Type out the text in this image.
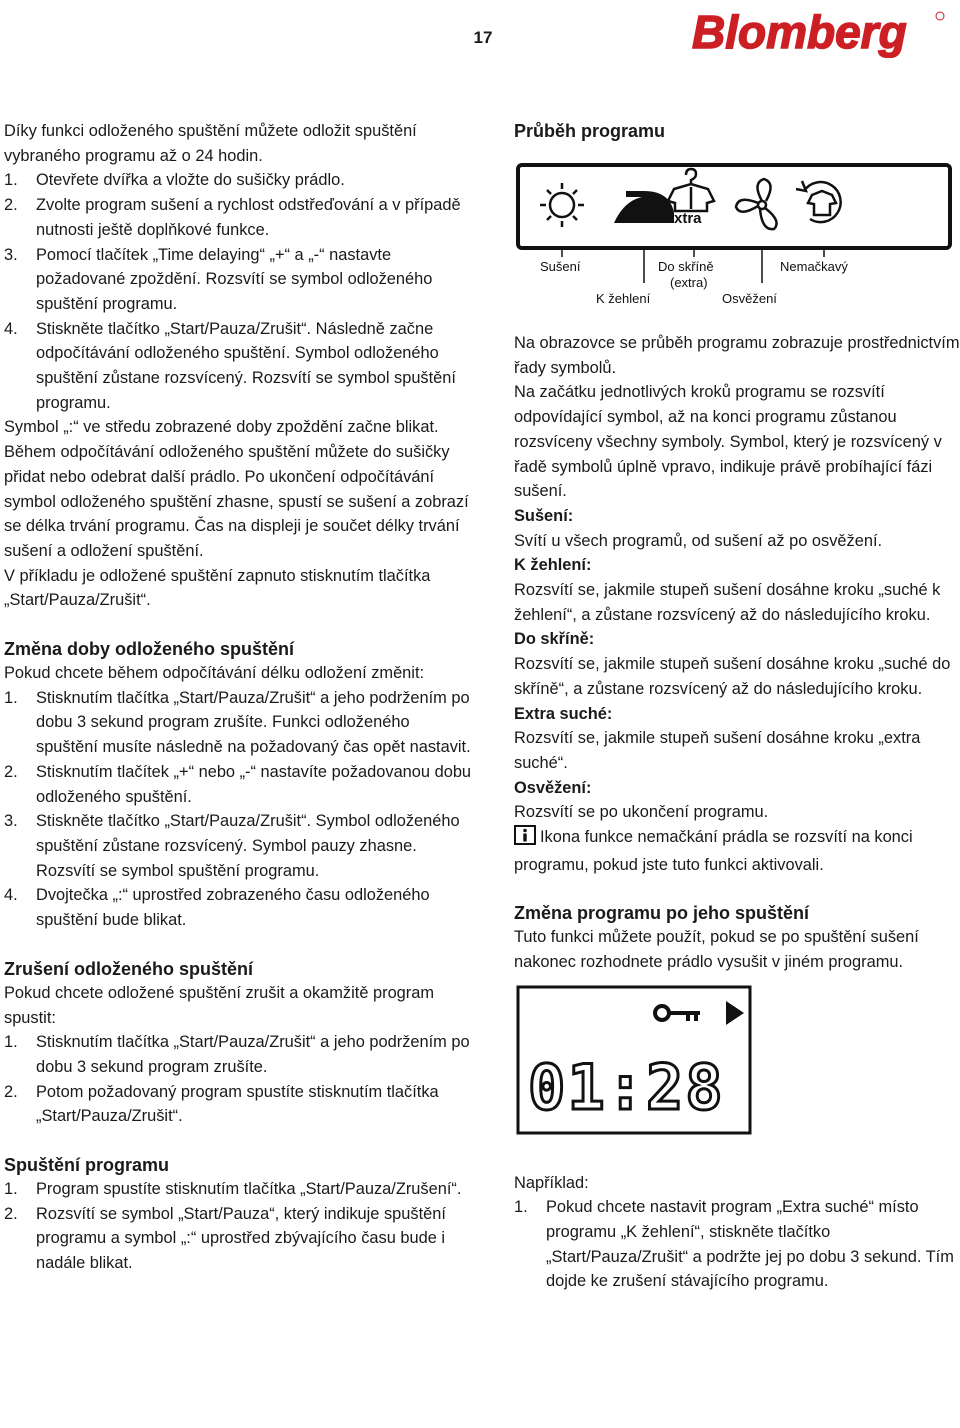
17	Blomberg

Díky funkci odloženého spuštění můžete odložit spuštění vybraného programu až o 24 hodin.

1.	Otevřete dvířka a vložte do sušičky prádlo.
2.	Zvolte program sušení a rychlost odstřeďování a v případě nutnosti ještě doplňkové funkce.
3.	Pomocí tlačítek „Time delaying“ „+“ a „-“ nastavte požadované zpoždění. Rozsvítí se symbol odloženého spuštění programu.
4.	Stiskněte tlačítko „Start/Pauza/Zrušit“. Následně začne odpočítávání odloženého spuštění. Symbol odloženého spuštění zůstane rozsvícený. Rozsvítí se symbol spuštění programu.

Symbol „:“ ve středu zobrazené doby zpoždění začne blikat.

Během odpočítávání odloženého spuštění můžete do sušičky přidat nebo odebrat další prádlo. Po ukončení odpočítávání symbol odloženého spuštění zhasne, spustí se sušení a zobrazí se délka trvání programu. Čas na displeji je součet délky trvání sušení a odložení spuštění.

V příkladu je odložené spuštění zapnuto stisknutím tlačítka „Start/Pauza/Zrušit“.

Změna doby odloženého spuštění

Pokud chcete během odpočítávání délku odložení změnit:

1.	Stisknutím tlačítka „Start/Pauza/Zrušit“ a jeho podržením po dobu 3 sekund program zrušíte. Funkci odloženého spuštění musíte následně na požadovaný čas opět nastavit.
2.	Stisknutím tlačítek „+“ nebo „-“ nastavíte požadovanou dobu odloženého spuštění.
3.	Stiskněte tlačítko „Start/Pauza/Zrušit“. Symbol odloženého spuštění zůstane rozsvícený. Symbol pauzy zhasne. Rozsvítí se symbol spuštění programu.
4.	Dvojtečka „:“ uprostřed zobrazeného času odloženého spuštění bude blikat.
Zrušení odloženého spuštění

Pokud chcete odložené spuštění zrušit a okamžitě program spustit:

1.	Stisknutím tlačítka „Start/Pauza/Zrušit“ a jeho podržením po dobu 3 sekund program zrušíte.
2.	Potom požadovaný program spustíte stisknutím tlačítka „Start/Pauza/Zrušit“.
Spuštění programu
1.	Program spustíte stisknutím tlačítka „Start/Pauza/Zrušení“.
2.	Rozsvítí se symbol „Start/Pauza“, který indikuje spuštění programu a symbol „:“ uprostřed zbývajícího času bude i nadále blikat.
Průběh programu
Extra
Sušení	Do skříně
(extra)
Nemačkavý
K žehlení	Osvěžení

Na obrazovce se průběh programu zobrazuje prostřednictvím řady symbolů.

Na začátku jednotlivých kroků programu se rozsvítí odpovídající symbol, až na konci programu zůstanou rozsvíceny všechny symboly. Symbol, který je rozsvícený v řadě symbolů úplně vpravo, indikuje právě probíhající fázi sušení.

Sušení:

Svítí u všech programů, od sušení až po osvěžení.

K žehlení:

Rozsvítí se, jakmile stupeň sušení dosáhne kroku „suché k žehlení“, a zůstane rozsvícený až do následujícího kroku.

Do skříně:

Rozsvítí se, jakmile stupeň sušení dosáhne kroku „suché do skříně“, a zůstane rozsvícený až do následujícího kroku.

Extra suché:

Rozsvítí se, jakmile stupeň sušení dosáhne kroku „extra suché“.

Osvěžení:

Rozsvítí se po ukončení programu.

Ikona funkce nemačkání prádla se rozsvítí na konci programu, pokud jste tuto funkci aktivovali.

Změna programu po jeho spuštění

Tuto funkci můžete použít, pokud se po spuštění sušení nakonec rozhodnete prádlo vysušit v jiném programu.

01:28

Například:

1.	Pokud chcete nastavit program „Extra suché“ místo programu „K žehlení“, stiskněte tlačítko „Start/Pauza/Zrušit“ a podržte jej po dobu 3 sekund. Tím dojde ke zrušení stávajícího programu.
